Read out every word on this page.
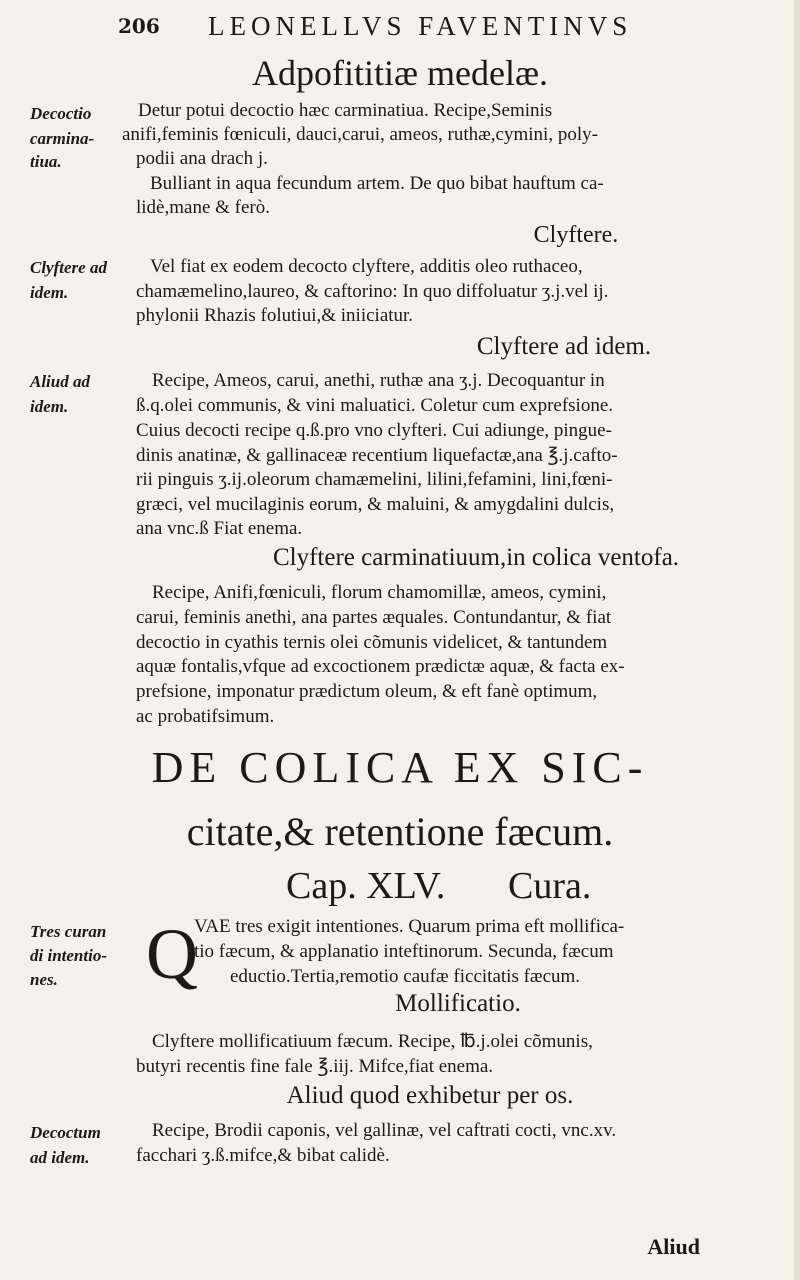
206 LEONELLVS FAVENTINVS
Adpofititiæ medelæ.
Decoctio
carmina-
tiua.
Detur potui decoctio hæc carminatiua. Recipe,Seminis
anifi,feminis fœniculi, dauci,carui, ameos, ruthæ,cymini, poly-
podii ana drach j.
Bulliant in aqua fecundum artem. De quo bibat hauftum ca-
lidè,mane & ferò.
Clyftere.
Clyftere ad
idem.
Vel fiat ex eodem decocto clyftere, additis oleo ruthaceo,
chamæmelino,laureo, & caftorino: In quo diffoluatur ʒ.j.vel ij.
phylonii Rhazis folutiui,& iniiciatur.
Clyftere ad idem.
Aliud ad
idem.
Recipe, Ameos, carui, anethi, ruthæ ana ʒ.j. Decoquantur in
ß.q.olei communis, & vini maluatici. Coletur cum exprefsione.
Cuius decocti recipe q.ß.pro vno clyfteri. Cui adiunge, pingue-
dinis anatinæ, & gallinaceæ recentium liquefactæ,ana ℥.j.cafto-
rii pinguis ʒ.ij.oleorum chamæmelini, lilini,fefamini, lini,fœni-
græci, vel mucilaginis eorum, & maluini, & amygdalini dulcis,
ana vnc.ß Fiat enema.
Clyftere carminatiuum,in colica ventofa.
Recipe, Anifi,fœniculi, florum chamomillæ, ameos, cymini,
carui, feminis anethi, ana partes æquales. Contundantur, & fiat
decoctio in cyathis ternis olei cõmunis videlicet, & tantundem
aquæ fontalis,vfque ad excoctionem prædictæ aquæ, & facta ex-
prefsione, imponatur prædictum oleum, & eft fanè optimum,
ac probatifsimum.
DE COLICA EX SIC-
citate,& retentione fæcum.
Cap. XLV. Cura.
Tres curan
di intentio-
nes. Q
VAE tres exigit intentiones. Quarum prima eft mollifica-
tio fæcum, & applanatio inteftinorum. Secunda, fæcum
eductio.Tertia,remotio caufæ ficcitatis fæcum.
Mollificatio.
Clyftere mollificatiuum fæcum. Recipe, ℔.j.olei cõmunis,
butyri recentis fine fale ℥.iij. Mifce,fiat enema.
Aliud quod exhibetur per os.
Decoctum
ad idem.
Recipe, Brodii caponis, vel gallinæ, vel caftrati cocti, vnc.xv.
facchari ʒ.ß.mifce,& bibat calidè.
Aliud
